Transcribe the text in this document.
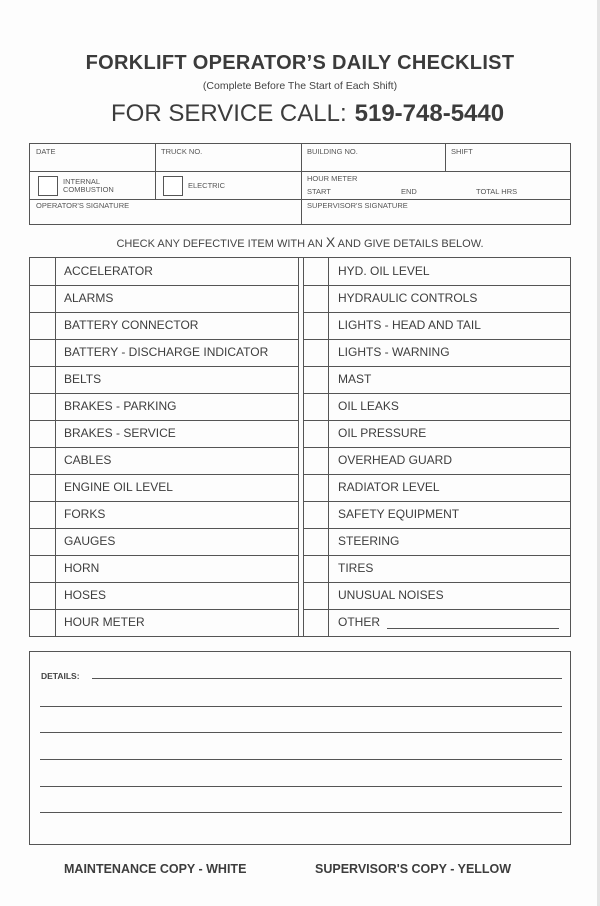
FORKLIFT OPERATOR’S DAILY CHECKLIST
(Complete Before The Start of Each Shift)
FOR SERVICE CALL: 519-748-5440
DATE	TRUCK NO.	BUILDING NO.	SHIFT
INTERNAL
COMBUSTION	ELECTRIC
HOUR METER
START	END	TOTAL HRS
OPERATOR'S SIGNATURE	SUPERVISOR'S SIGNATURE
CHECK ANY DEFECTIVE ITEM WITH AN X AND GIVE DETAILS BELOW.
ACCELERATOR	HYD. OIL LEVEL
ALARMS	HYDRAULIC CONTROLS
BATTERY CONNECTOR	LIGHTS - HEAD AND TAIL
BATTERY - DISCHARGE INDICATOR	LIGHTS - WARNING
BELTS	MAST
BRAKES - PARKING	OIL LEAKS
BRAKES - SERVICE	OIL PRESSURE
CABLES	OVERHEAD GUARD
ENGINE OIL LEVEL	RADIATOR LEVEL
FORKS	SAFETY EQUIPMENT
GAUGES	STEERING
HORN	TIRES
HOSES	UNUSUAL NOISES
HOUR METER	OTHER
DETAILS:
MAINTENANCE COPY - WHITE	SUPERVISOR'S COPY - YELLOW
